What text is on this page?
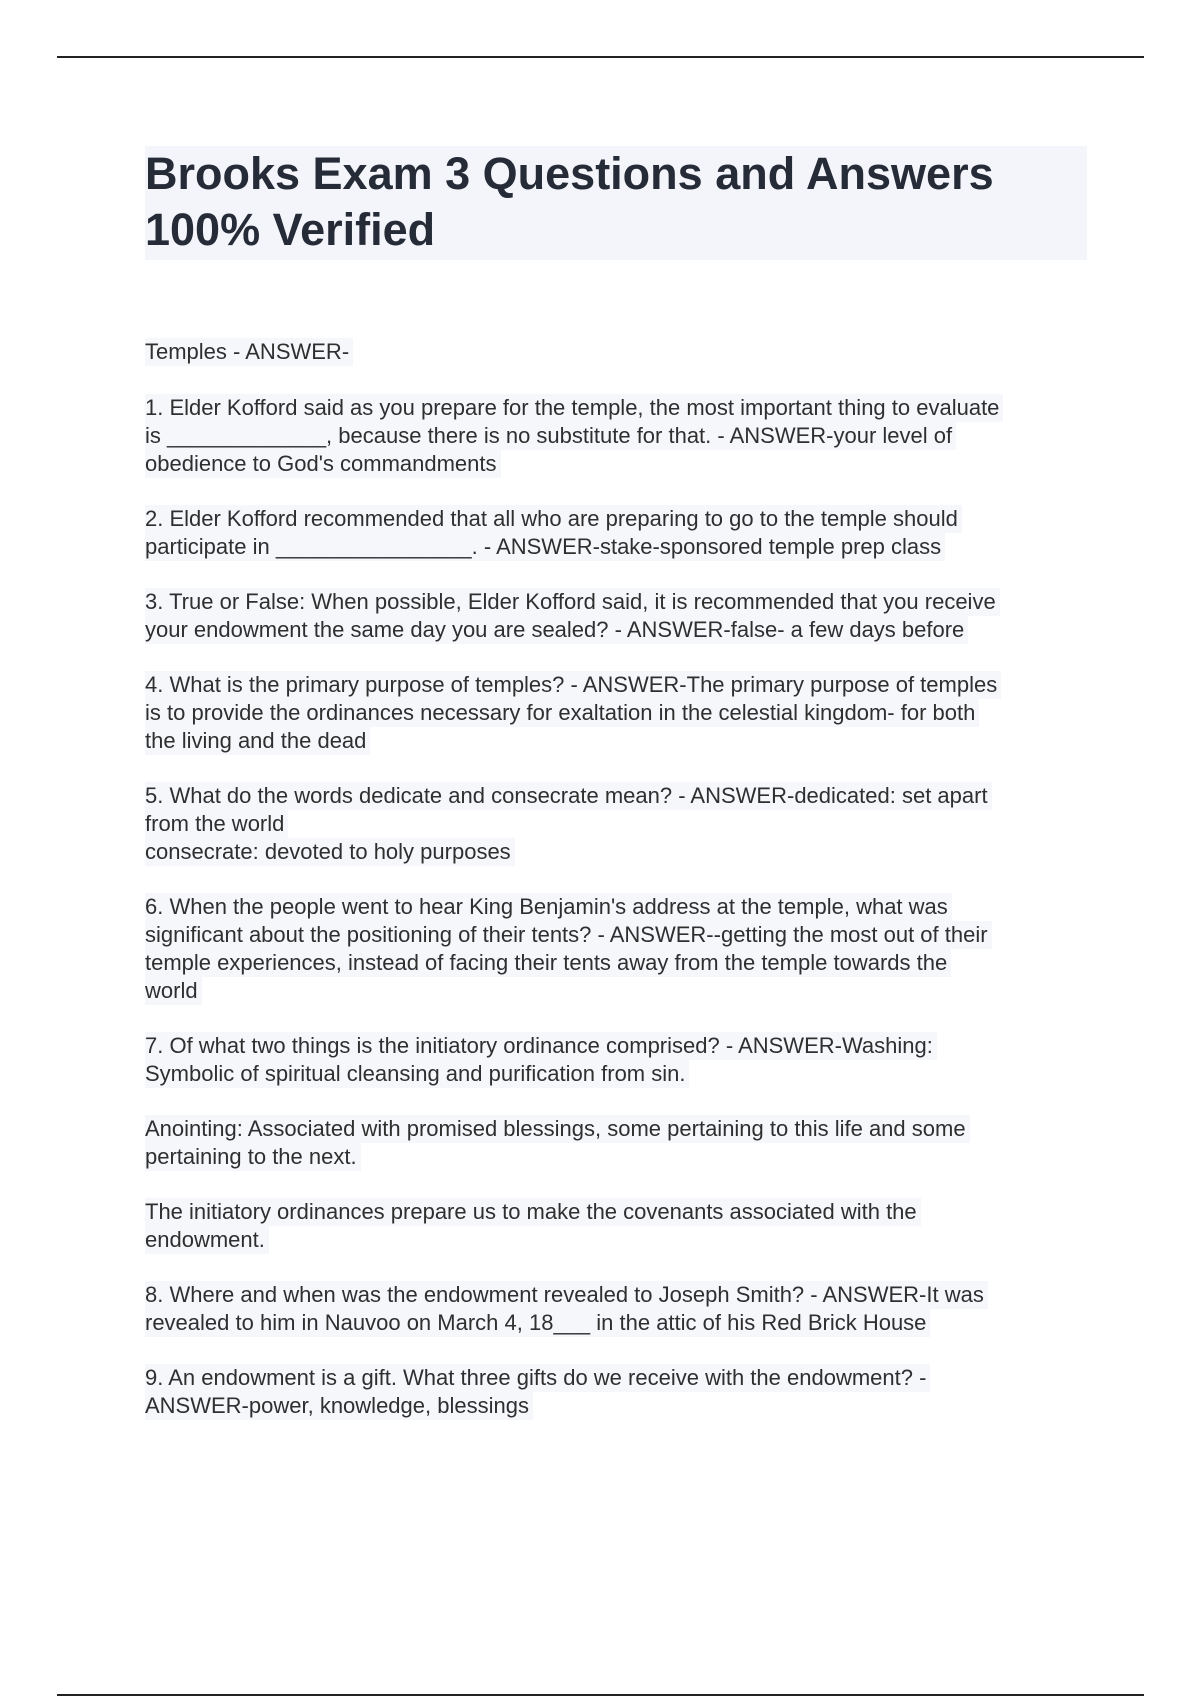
Brooks Exam 3 Questions and Answers
100% Verified
Temples - ANSWER-
1. Elder Kofford said as you prepare for the temple, the most important thing to evaluate
is _____________, because there is no substitute for that. - ANSWER-your level of
obedience to God's commandments
2. Elder Kofford recommended that all who are preparing to go to the temple should
participate in ________________. - ANSWER-stake-sponsored temple prep class
3. True or False: When possible, Elder Kofford said, it is recommended that you receive
your endowment the same day you are sealed? - ANSWER-false- a few days before
4. What is the primary purpose of temples? - ANSWER-The primary purpose of temples
is to provide the ordinances necessary for exaltation in the celestial kingdom- for both
the living and the dead
5. What do the words dedicate and consecrate mean? - ANSWER-dedicated: set apart
from the world
consecrate: devoted to holy purposes
6. When the people went to hear King Benjamin's address at the temple, what was
significant about the positioning of their tents? - ANSWER--getting the most out of their
temple experiences, instead of facing their tents away from the temple towards the
world
7. Of what two things is the initiatory ordinance comprised? - ANSWER-Washing:
Symbolic of spiritual cleansing and purification from sin.
Anointing: Associated with promised blessings, some pertaining to this life and some
pertaining to the next.
The initiatory ordinances prepare us to make the covenants associated with the
endowment.
8. Where and when was the endowment revealed to Joseph Smith? - ANSWER-It was
revealed to him in Nauvoo on March 4, 18___ in the attic of his Red Brick House
9. An endowment is a gift. What three gifts do we receive with the endowment? -
ANSWER-power, knowledge, blessings
